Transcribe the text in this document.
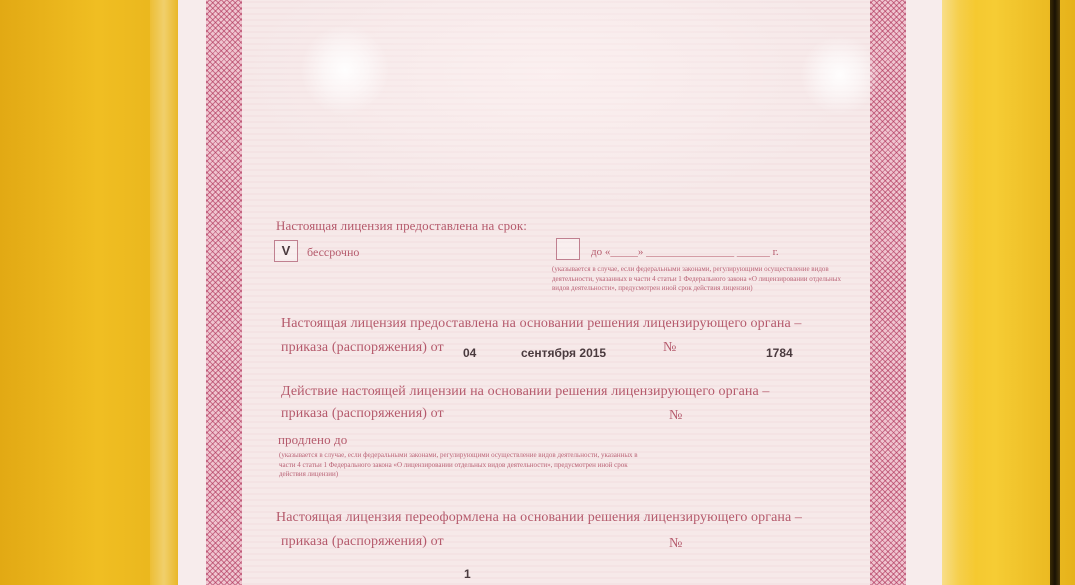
Настоящая лицензия предоставлена на срок:
V	бессрочно	до «_____» ________________ ______ г.
(указывается в случае, если федеральными законами, регулирующими осуществление видов деятельности, указанных в части 4 статьи 1 Федерального закона «О лицензировании отдельных видов деятельности», предусмотрен иной срок действия лицензии)
Настоящая лицензия предоставлена на основании решения лицензирующего органа –
приказа (распоряжения) от 04	сентября 2015	№	1784
Действие настоящей лицензии на основании решения лицензирующего органа –
приказа (распоряжения) от	№
продлено до
(указывается в случае, если федеральными законами, регулирующими осуществление видов деятельности, указанных в части 4 статьи 1 Федерального закона «О лицензировании отдельных видов деятельности», предусмотрен иной срок действия лицензии)
Настоящая лицензия переоформлена на основании решения лицензирующего органа –
приказа (распоряжения) от	№
1
